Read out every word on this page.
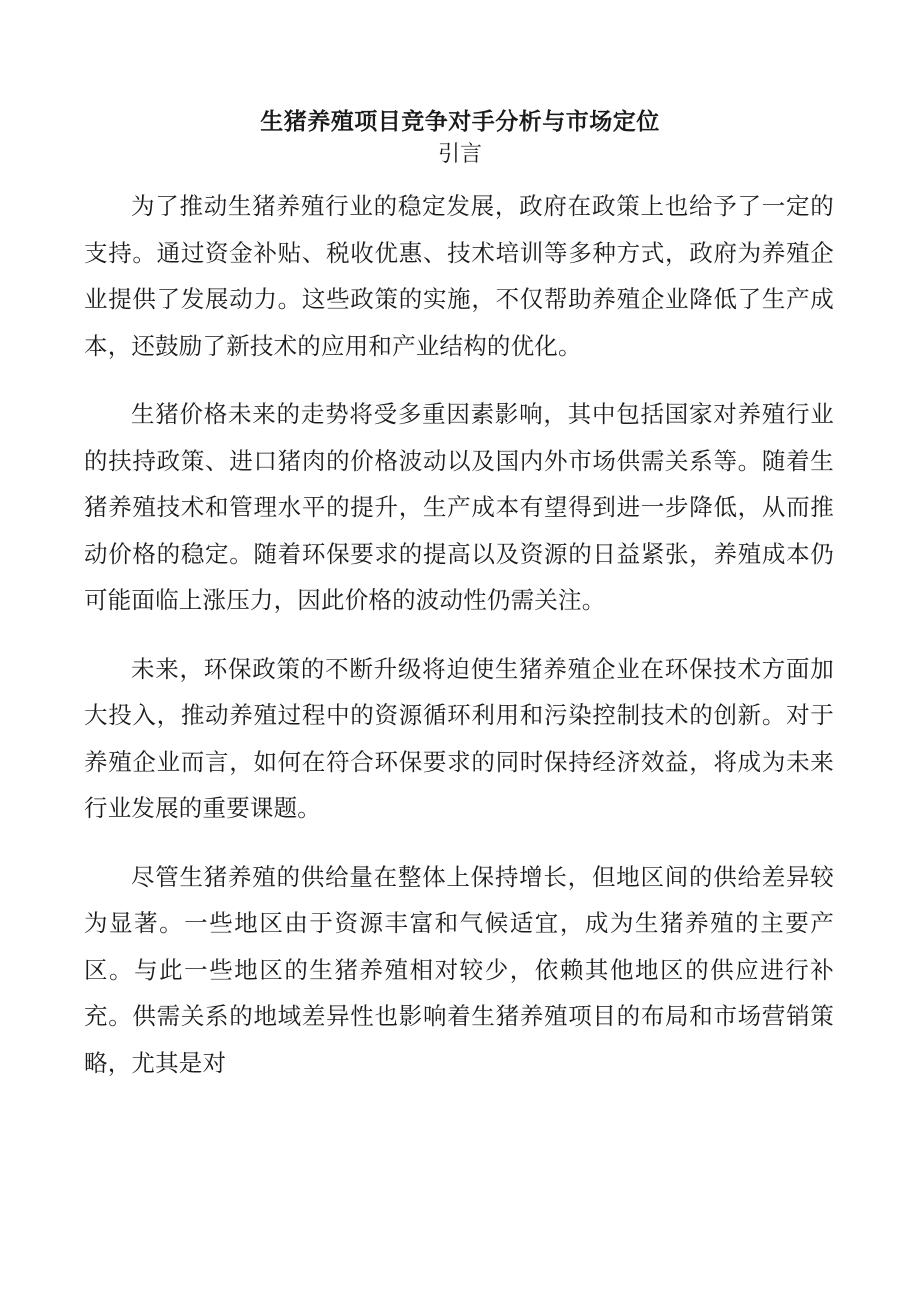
生猪养殖项目竞争对手分析与市场定位
引言

为了推动生猪养殖行业的稳定发展，政府在政策上也给予了一定的支持。通过资金补贴、税收优惠、技术培训等多种方式，政府为养殖企业提供了发展动力。这些政策的实施，不仅帮助养殖企业降低了生产成本，还鼓励了新技术的应用和产业结构的优化。

生猪价格未来的走势将受多重因素影响，其中包括国家对养殖行业的扶持政策、进口猪肉的价格波动以及国内外市场供需关系等。随着生猪养殖技术和管理水平的提升，生产成本有望得到进一步降低，从而推动价格的稳定。随着环保要求的提高以及资源的日益紧张，养殖成本仍可能面临上涨压力，因此价格的波动性仍需关注。

未来，环保政策的不断升级将迫使生猪养殖企业在环保技术方面加大投入，推动养殖过程中的资源循环利用和污染控制技术的创新。对于养殖企业而言，如何在符合环保要求的同时保持经济效益，将成为未来行业发展的重要课题。

尽管生猪养殖的供给量在整体上保持增长，但地区间的供给差异较为显著。一些地区由于资源丰富和气候适宜，成为生猪养殖的主要产区。与此一些地区的生猪养殖相对较少，依赖其他地区的供应进行补充。供需关系的地域差异性也影响着生猪养殖项目的布局和市场营销策略，尤其是对
